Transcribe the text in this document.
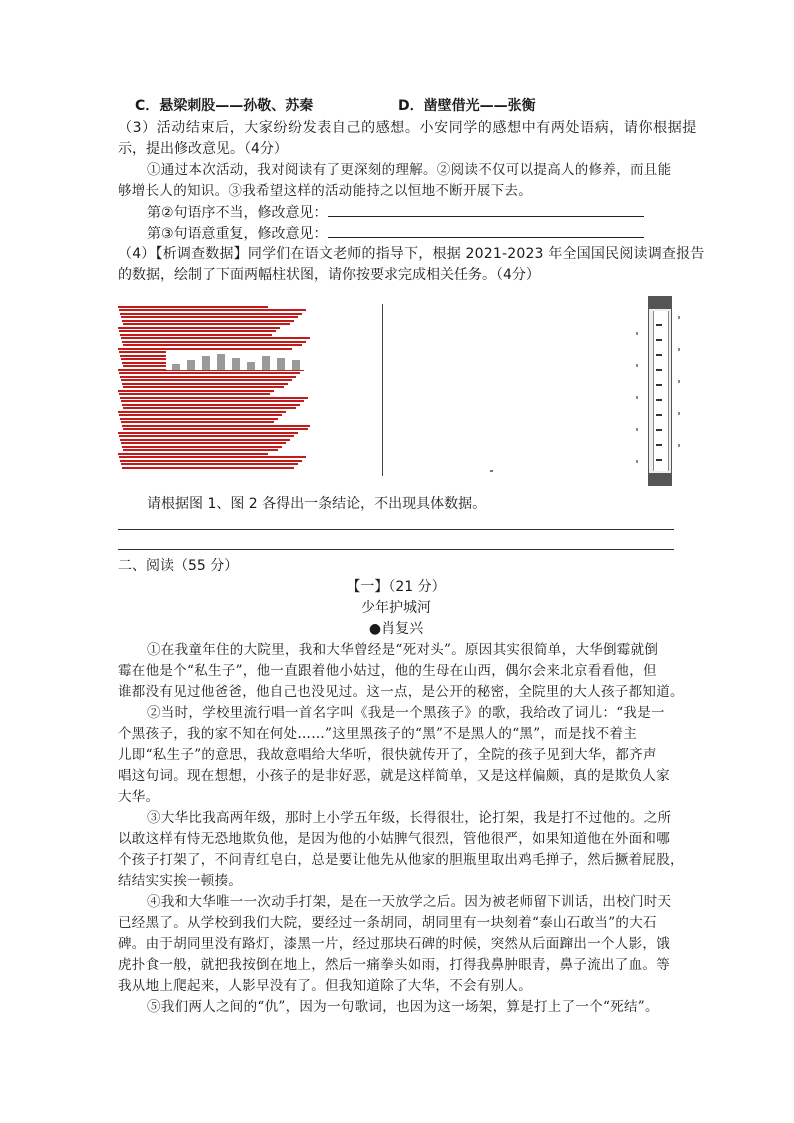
C．悬梁刺股——孙敬、苏秦	D．凿壁借光——张衡
（3）活动结束后，大家纷纷发表自己的感想。小安同学的感想中有两处语病，请你根据提
示，提出修改意见。（4分）
①通过本次活动，我对阅读有了更深刻的理解。②阅读不仅可以提高人的修养，而且能
够增长人的知识。③我希望这样的活动能持之以恒地不断开展下去。
第②句语序不当，修改意见：
第③句语意重复，修改意见：
（4）【析调查数据】同学们在语文老师的指导下，根据 2021-2023 年全国国民阅读调查报告
的数据，绘制了下面两幅柱状图，请你按要求完成相关任务。（4分）
请根据图 1、图 2 各得出一条结论，不出现具体数据。
二、阅读（55 分）
【一】（21 分）
少年护城河
●肖复兴
①在我童年住的大院里，我和大华曾经是“死对头”。原因其实很简单，大华倒霉就倒
霉在他是个“私生子”，他一直跟着他小姑过，他的生母在山西，偶尔会来北京看看他，但
谁都没有见过他爸爸，他自己也没见过。这一点，是公开的秘密，全院里的大人孩子都知道。
②当时，学校里流行唱一首名字叫《我是一个黑孩子》的歌，我给改了词儿：“我是一
个黑孩子，我的家不知在何处……”这里黑孩子的“黑”不是黑人的“黑”，而是找不着主
儿即“私生子”的意思，我故意唱给大华听，很快就传开了，全院的孩子见到大华，都齐声
唱这句词。现在想想，小孩子的是非好恶，就是这样简单，又是这样偏颇，真的是欺负人家
大华。
③大华比我高两年级，那时上小学五年级，长得很壮，论打架，我是打不过他的。之所
以敢这样有恃无恐地欺负他，是因为他的小姑脾气很烈，管他很严，如果知道他在外面和哪
个孩子打架了，不问青红皂白，总是要让他先从他家的胆瓶里取出鸡毛掸子，然后撅着屁股，
结结实实挨一顿揍。
④我和大华唯一一次动手打架，是在一天放学之后。因为被老师留下训话，出校门时天
已经黑了。从学校到我们大院，要经过一条胡同，胡同里有一块刻着“泰山石敢当”的大石
碑。由于胡同里没有路灯，漆黑一片，经过那块石碑的时候，突然从后面蹿出一个人影，饿
虎扑食一般，就把我按倒在地上，然后一痛拳头如雨，打得我鼻肿眼青，鼻子流出了血。等
我从地上爬起来，人影早没有了。但我知道除了大华，不会有别人。
⑤我们两人之间的“仇”，因为一句歌词，也因为这一场架，算是打上了一个“死结”。
